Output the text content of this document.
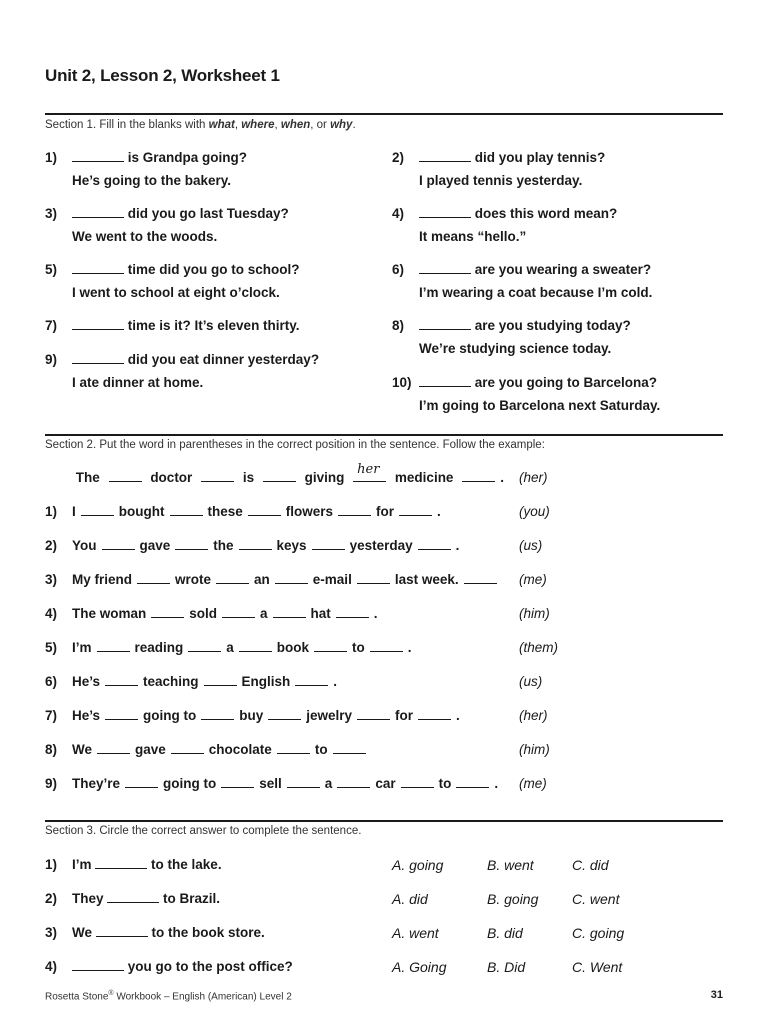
Unit 2, Lesson 2, Worksheet 1
Section 1. Fill in the blanks with what, where, when, or why.
1)	is Grandpa going?
He’s going to the bakery.
2)	did you play tennis?
I played tennis yesterday.
3)	did you go last Tuesday?
We went to the woods.
4)	does this word mean?
It means “hello.”
5)	time did you go to school?
I went to school at eight o’clock.
6)	are you wearing a sweater?
I’m wearing a coat because I’m cold.
7)	time is it? It’s eleven thirty.	8)	are you studying today?
We’re studying science today.
9)	did you eat dinner yesterday?
I ate dinner at home.	10)	are you going to Barcelona?
I’m going to Barcelona next Saturday.
Section 2. Put the word in parentheses in the correct position in the sentence. Follow the example:
The	doctor	is	giving
her
medicine	. (her)
1) I	bought	these	flowers	for	.	(you)
2) You	gave	the	keys	yesterday	.	(us)
3) My friend	wrote	an	e-mail	last week.	(me)
4) The woman	sold	a	hat	.	(him)
5) I’m	reading	a	book	to	.	(them)
6) He’s	teaching	English	.	(us)
7) He’s	going to	buy	jewelry	for	.	(her)
8) We	gave	chocolate	to	(him)
9) They’re	going to	sell	a	car	to	. (me)
Section 3. Circle the correct answer to complete the sentence.
1) I’m	to the lake.	A. going	B. went	C. did
2) They	to Brazil.	A. did	B. going C. went
3) We	to the book store.	A. went	B. did	C. going
4)	you go to the post office?	A. Going	B. Did	C. Went
Rosetta Stone® Workbook – English (American) Level 2	31
